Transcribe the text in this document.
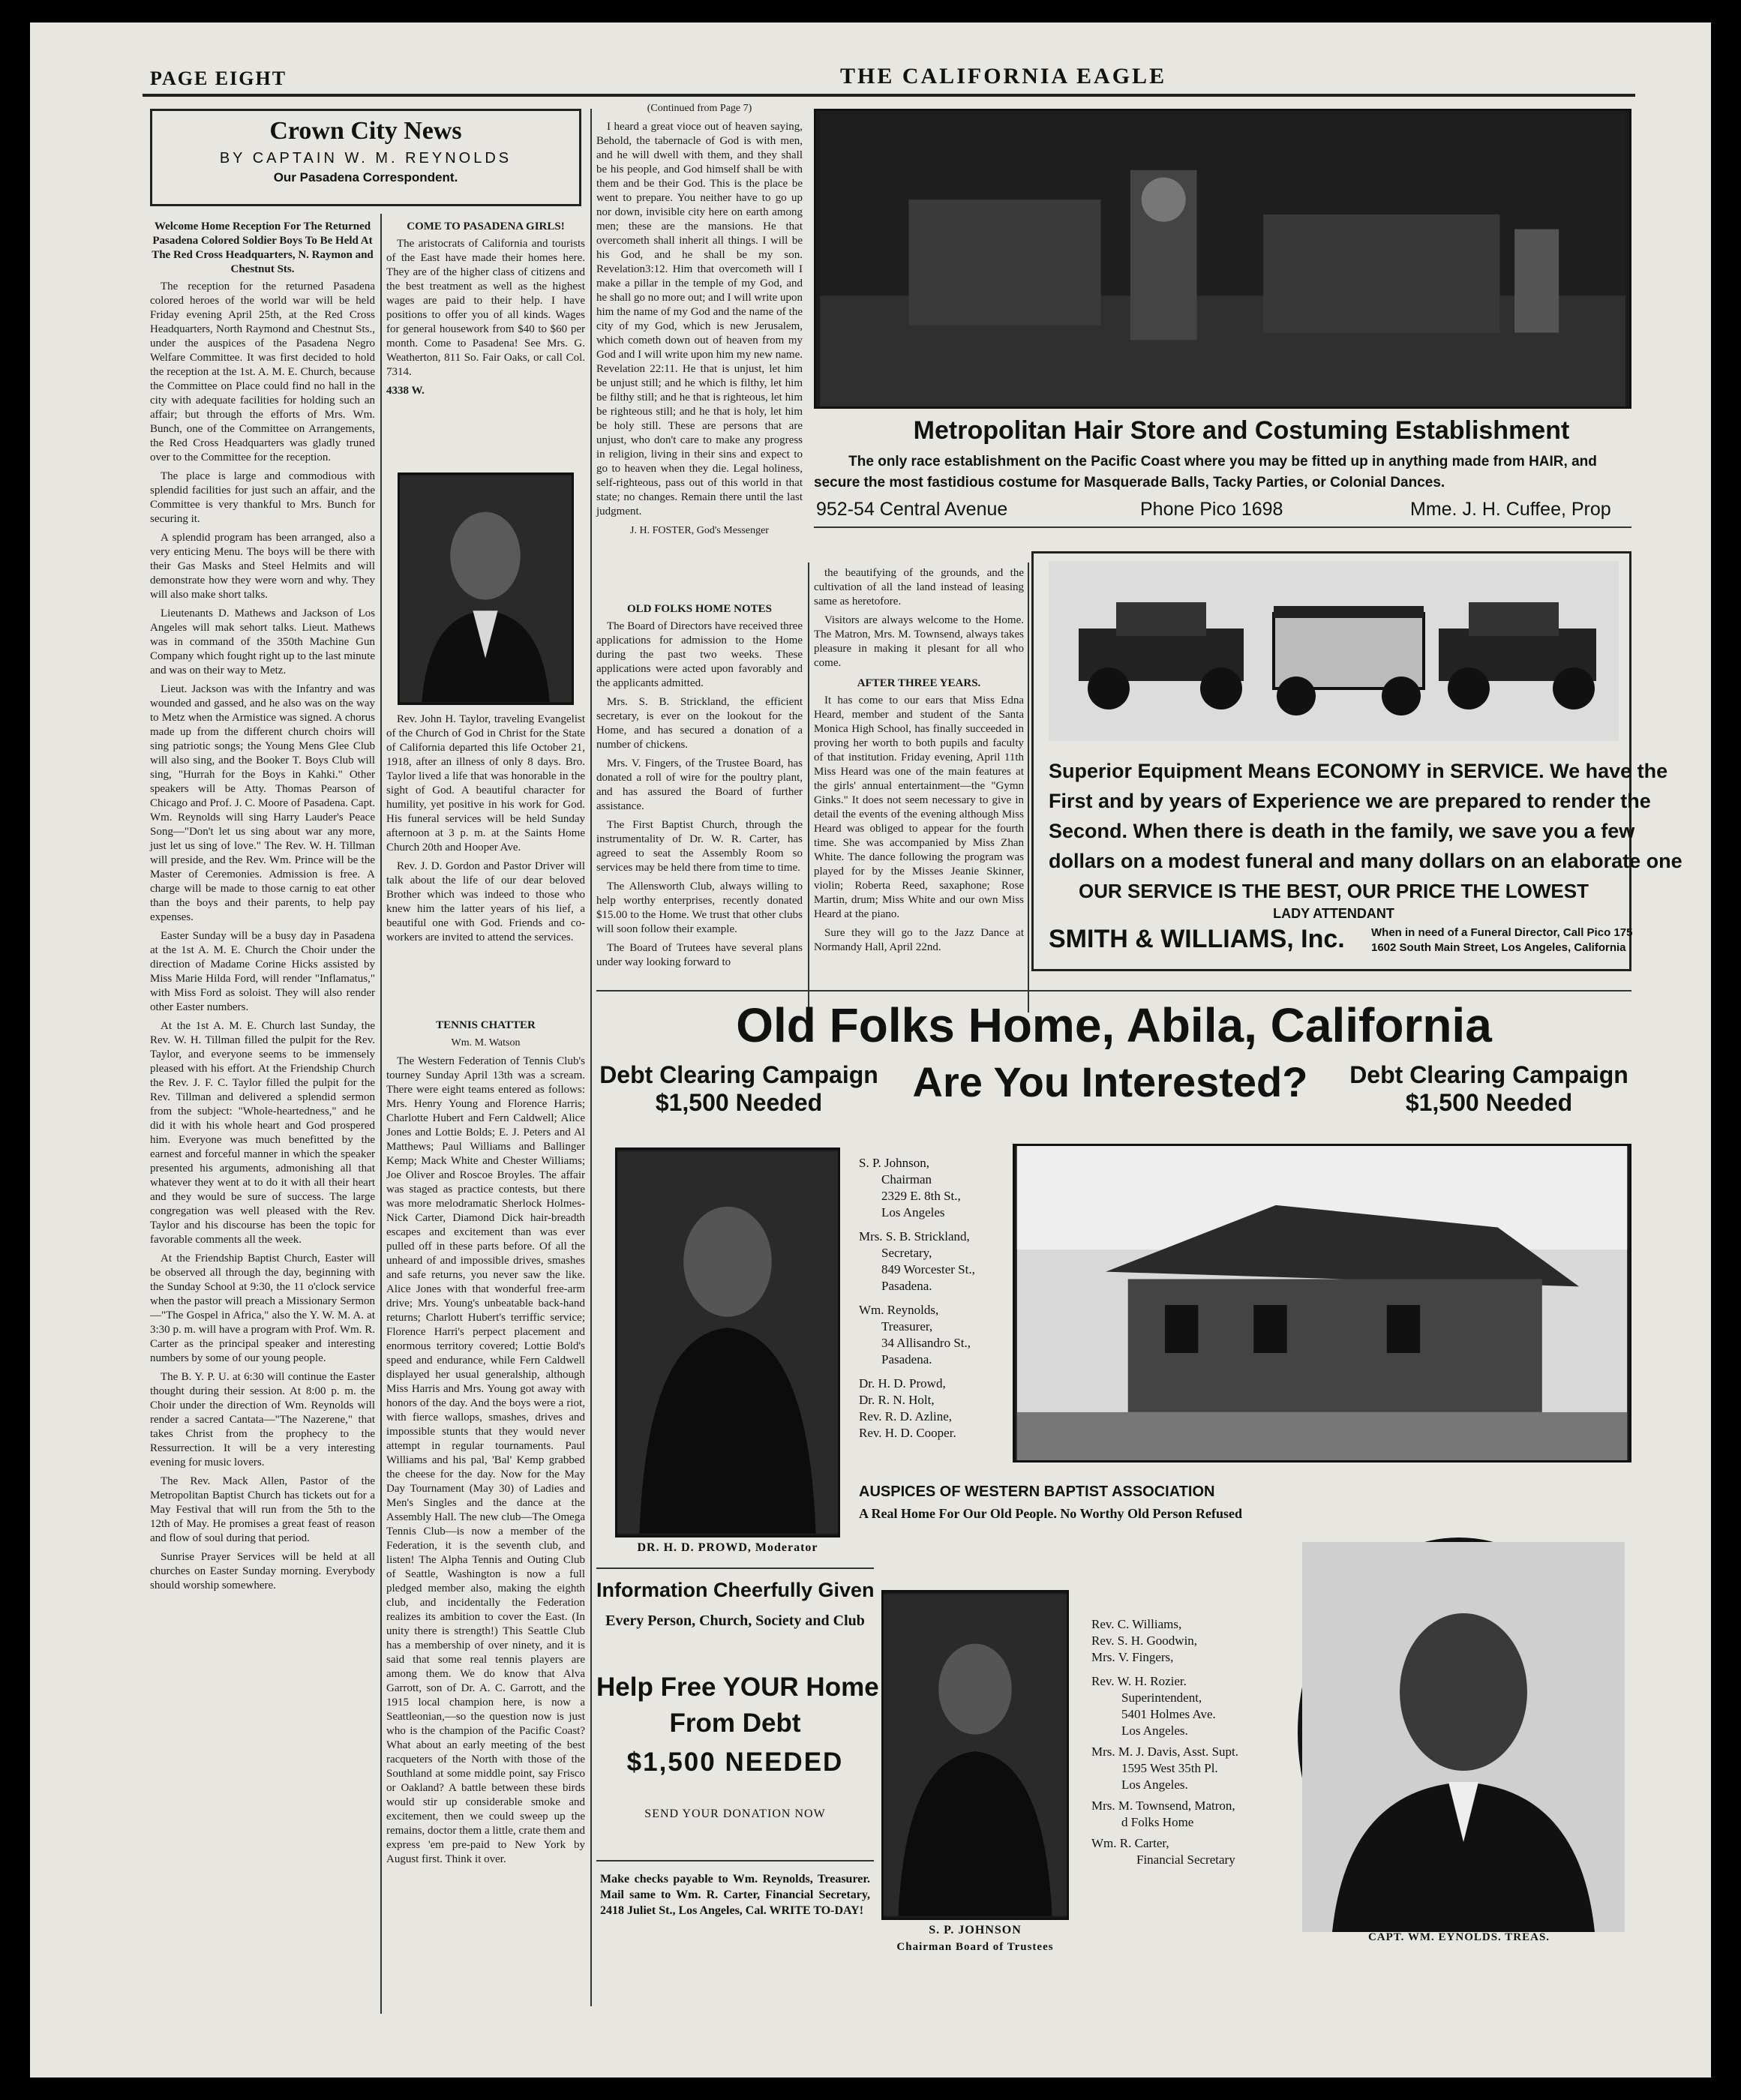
PAGE EIGHT	THE CALIFORNIA EAGLE
Crown City News
BY CAPTAIN W. M. REYNOLDS
Our Pasadena Correspondent.
Welcome Home Reception For The Returned Pasadena Colored Soldier Boys To Be Held At The Red Cross Headquarters, N. Raymon and Chestnut Sts.

The reception for the returned Pasadena colored heroes of the world war will be held Friday evening April 25th, at the Red Cross Headquarters, North Raymond and Chestnut Sts., under the auspices of the Pasadena Negro Welfare Committee. It was first decided to hold the reception at the 1st. A. M. E. Church, because the Committee on Place could find no hall in the city with adequate facilities for holding such an affair; but through the efforts of Mrs. Wm. Bunch, one of the Committee on Arrangements, the Red Cross Headquarters was gladly truned over to the Committee for the reception.

The place is large and commodious with splendid facilities for just such an affair, and the Committee is very thankful to Mrs. Bunch for securing it.

A splendid program has been arranged, also a very enticing Menu. The boys will be there with their Gas Masks and Steel Helmits and will demonstrate how they were worn and why. They will also make short talks.

Lieutenants D. Mathews and Jackson of Los Angeles will mak sehort talks. Lieut. Mathews was in command of the 350th Machine Gun Company which fought right up to the last minute and was on their way to Metz.

Lieut. Jackson was with the Infantry and was wounded and gassed, and he also was on the way to Metz when the Armistice was signed. A chorus made up from the different church choirs will sing patriotic songs; the Young Mens Glee Club will also sing, and the Booker T. Boys Club will sing, "Hurrah for the Boys in Kahki." Other speakers will be Atty. Thomas Pearson of Chicago and Prof. J. C. Moore of Pasadena. Capt. Wm. Reynolds will sing Harry Lauder's Peace Song—"Don't let us sing about war any more, just let us sing of love." The Rev. W. H. Tillman will preside, and the Rev. Wm. Prince will be the Master of Ceremonies. Admission is free. A charge will be made to those carnig to eat other than the boys and their parents, to help pay expenses.

Easter Sunday will be a busy day in Pasadena at the 1st A. M. E. Church the Choir under the direction of Madame Corine Hicks assisted by Miss Marie Hilda Ford, will render "Inflamatus," with Miss Ford as soloist. They will also render other Easter numbers.

At the 1st A. M. E. Church last Sunday, the Rev. W. H. Tillman filled the pulpit for the Rev. Taylor, and everyone seems to be immensely pleased with his effort. At the Friendship Church the Rev. J. F. C. Taylor filled the pulpit for the Rev. Tillman and delivered a splendid sermon from the subject: "Whole-heartedness," and he did it with his whole heart and God prospered him. Everyone was much benefitted by the earnest and forceful manner in which the speaker presented his arguments, admonishing all that whatever they went at to do it with all their heart and they would be sure of success. The large congregation was well pleased with the Rev. Taylor and his discourse has been the topic for favorable comments all the week.

At the Friendship Baptist Church, Easter will be observed all through the day, beginning with the Sunday School at 9:30, the 11 o'clock service when the pastor will preach a Missionary Sermon—"The Gospel in Africa," also the Y. W. M. A. at 3:30 p. m. will have a program with Prof. Wm. R. Carter as the principal speaker and interesting numbers by some of our young people.

The B. Y. P. U. at 6:30 will continue the Easter thought during their session. At 8:00 p. m. the Choir under the direction of Wm. Reynolds will render a sacred Cantata—"The Nazerene," that takes Christ from the prophecy to the Ressurrection. It will be a very interesting evening for music lovers.

The Rev. Mack Allen, Pastor of the Metropolitan Baptist Church has tickets out for a May Festival that will run from the 5th to the 12th of May. He promises a great feast of reason and flow of soul during that period.

Sunrise Prayer Services will be held at all churches on Easter Sunday morning. Everybody should worship somewhere.

COME TO PASADENA GIRLS!

The aristocrats of California and tourists of the East have made their homes here. They are of the higher class of citizens and the best treatment as well as the highest wages are paid to their help. I have positions to offer you of all kinds. Wages for general housework from $40 to $60 per month. Come to Pasadena! See Mrs. G. Weatherton, 811 So. Fair Oaks, or call Col. 7314.

4338 W.

Rev. John H. Taylor, traveling Evangelist of the Church of God in Christ for the State of California departed this life October 21, 1918, after an illness of only 8 days. Bro. Taylor lived a life that was honorable in the sight of God. A beautiful character for humility, yet positive in his work for God. His funeral services will be held Sunday afternoon at 3 p. m. at the Saints Home Church 20th and Hooper Ave.

Rev. J. D. Gordon and Pastor Driver will talk about the life of our dear beloved Brother which was indeed to those who knew him the latter years of his lief, a beautiful one with God. Friends and co-workers are invited to attend the services.

TENNIS CHATTER
Wm. M. Watson

The Western Federation of Tennis Club's tourney Sunday April 13th was a scream. There were eight teams entered as follows: Mrs. Henry Young and Florence Harris; Charlotte Hubert and Fern Caldwell; Alice Jones and Lottie Bolds; E. J. Peters and Al Matthews; Paul Williams and Ballinger Kemp; Mack White and Chester Williams; Joe Oliver and Roscoe Broyles. The affair was staged as practice contests, but there was more melodramatic Sherlock Holmes-Nick Carter, Diamond Dick hair-breadth escapes and excitement than was ever pulled off in these parts before. Of all the unheard of and impossible drives, smashes and safe returns, you never saw the like. Alice Jones with that wonderful free-arm drive; Mrs. Young's unbeatable back-hand returns; Charlott Hubert's terriffic service; Florence Harri's perpect placement and enormous territory covered; Lottie Bold's speed and endurance, while Fern Caldwell displayed her usual generalship, although Miss Harris and Mrs. Young got away with honors of the day. And the boys were a riot, with fierce wallops, smashes, drives and impossible stunts that they would never attempt in regular tournaments. Paul Williams and his pal, 'Bal' Kemp grabbed the cheese for the day. Now for the May Day Tournament (May 30) of Ladies and Men's Singles and the dance at the Assembly Hall. The new club—The Omega Tennis Club—is now a member of the Federation, it is the seventh club, and listen! The Alpha Tennis and Outing Club of Seattle, Washington is now a full pledged member also, making the eighth club, and incidentally the Federation realizes its ambition to cover the East. (In unity there is strength!) This Seattle Club has a membership of over ninety, and it is said that some real tennis players are among them. We do know that Alva Garrott, son of Dr. A. C. Garrott, and the 1915 local champion here, is now a Seattleonian,—so the question now is just who is the champion of the Pacific Coast? What about an early meeting of the best racqueters of the North with those of the Southland at some middle point, say Frisco or Oakland? A battle between these birds would stir up considerable smoke and excitement, then we could sweep up the remains, doctor them a little, crate them and express 'em pre-paid to New York by August first. Think it over.

(Continued from Page 7)

I heard a great vioce out of heaven saying, Behold, the tabernacle of God is with men, and he will dwell with them, and they shall be his people, and God himself shall be with them and be their God. This is the place be went to prepare. You neither have to go up nor down, invisible city here on earth among men; these are the mansions. He that overcometh shall inherit all things. I will be his God, and he shall be my son. Revelation3:12. Him that overcometh will I make a pillar in the temple of my God, and he shall go no more out; and I will write upon him the name of my God and the name of the city of my God, which is new Jerusalem, which cometh down out of heaven from my God and I will write upon him my new name. Revelation 22:11. He that is unjust, let him be unjust still; and he which is filthy, let him be filthy still; and he that is righteous, let him be righteous still; and he that is holy, let him be holy still. These are persons that are unjust, who don't care to make any progress in religion, living in their sins and expect to go to heaven when they die. Legal holiness, self-righteous, pass out of this world in that state; no changes. Remain there until the last judgment.

J. H. FOSTER, God's Messenger
OLD FOLKS HOME NOTES

The Board of Directors have received three applications for admission to the Home during the past two weeks. These applications were acted upon favorably and the applicants admitted.

Mrs. S. B. Strickland, the efficient secretary, is ever on the lookout for the Home, and has secured a donation of a number of chickens.

Mrs. V. Fingers, of the Trustee Board, has donated a roll of wire for the poultry plant, and has assured the Board of further assistance.

The First Baptist Church, through the instrumentality of Dr. W. R. Carter, has agreed to seat the Assembly Room so services may be held there from time to time.

The Allensworth Club, always willing to help worthy enterprises, recently donated $15.00 to the Home. We trust that other clubs will soon follow their example.

The Board of Trutees have several plans under way looking forward to

the beautifying of the grounds, and the cultivation of all the land instead of leasing same as heretofore.

Visitors are always welcome to the Home. The Matron, Mrs. M. Townsend, always takes pleasure in making it plesant for all who come.

AFTER THREE YEARS.

It has come to our ears that Miss Edna Heard, member and student of the Santa Monica High School, has finally succeeded in proving her worth to both pupils and faculty of that institution. Friday evening, April 11th Miss Heard was one of the main features at the girls' annual entertainment—the "Gymn Ginks." It does not seem necessary to give in detail the events of the evening although Miss Heard was obliged to appear for the fourth time. She was accompanied by Miss Zhan White. The dance following the program was played for by the Misses Jeanie Skinner, violin; Roberta Reed, saxaphone; Rose Martin, drum; Miss White and our own Miss Heard at the piano.

Sure they will go to the Jazz Dance at Normandy Hall, April 22nd.

Metropolitan Hair Store and Costuming Establishment
The only race establishment on the Pacific Coast where you may be fitted up in anything made from HAIR, and
secure the most fastidious costume for Masquerade Balls, Tacky Parties, or Colonial Dances.
952-54 Central Avenue	Phone Pico 1698	Mme. J. H. Cuffee, Prop
Superior Equipment Means ECONOMY in SERVICE. We have the
First and by years of Experience we are prepared to render the
Second. When there is death in the family, we save you a few
dollars on a modest funeral and many dollars on an elaborate one
OUR SERVICE IS THE BEST, OUR PRICE THE LOWEST
LADY ATTENDANT
SMITH & WILLIAMS, Inc. When in need of a Funeral Director, Call Pico 175
1602 South Main Street, Los Angeles, California
Old Folks Home, Abila, California
Are You Interested?
Debt Clearing Campaign
$1,500 Needed
Debt Clearing Campaign
$1,500 Needed
DR. H. D. PROWD, Moderator
S. P. Johnson,
Chairman
2329 E. 8th St.,
Los Angeles
Mrs. S. B. Strickland,
Secretary,
849 Worcester St.,
Pasadena.
Wm. Reynolds,
Treasurer,
34 Allisandro St.,
Pasadena.
Dr. H. D. Prowd,
Dr. R. N. Holt,
Rev. R. D. Azline,
Rev. H. D. Cooper.
AUSPICES OF WESTERN BAPTIST ASSOCIATION
A Real Home For Our Old People. No Worthy Old Person Refused
Information Cheerfully Given
Every Person, Church, Society and Club
Help Free YOUR Home
From Debt
$1,500 NEEDED
SEND YOUR DONATION NOW
Make checks payable to Wm. Reynolds, Treasurer. Mail same to Wm. R. Carter, Financial Secretary, 2418 Juliet St., Los Angeles, Cal. WRITE TO-DAY!
S. P. JOHNSON
Chairman Board of Trustees
Rev. C. Williams,
Rev. S. H. Goodwin,
Mrs. V. Fingers,
Rev. W. H. Rozier.
Superintendent,
5401 Holmes Ave.
Los Angeles.
Mrs. M. J. Davis, Asst. Supt.
1595 West 35th Pl.
Los Angeles.
Mrs. M. Townsend, Matron,
d Folks Home
Wm. R. Carter,
Financial Secretary
CAPT. WM. EYNOLDS. TREAS.
